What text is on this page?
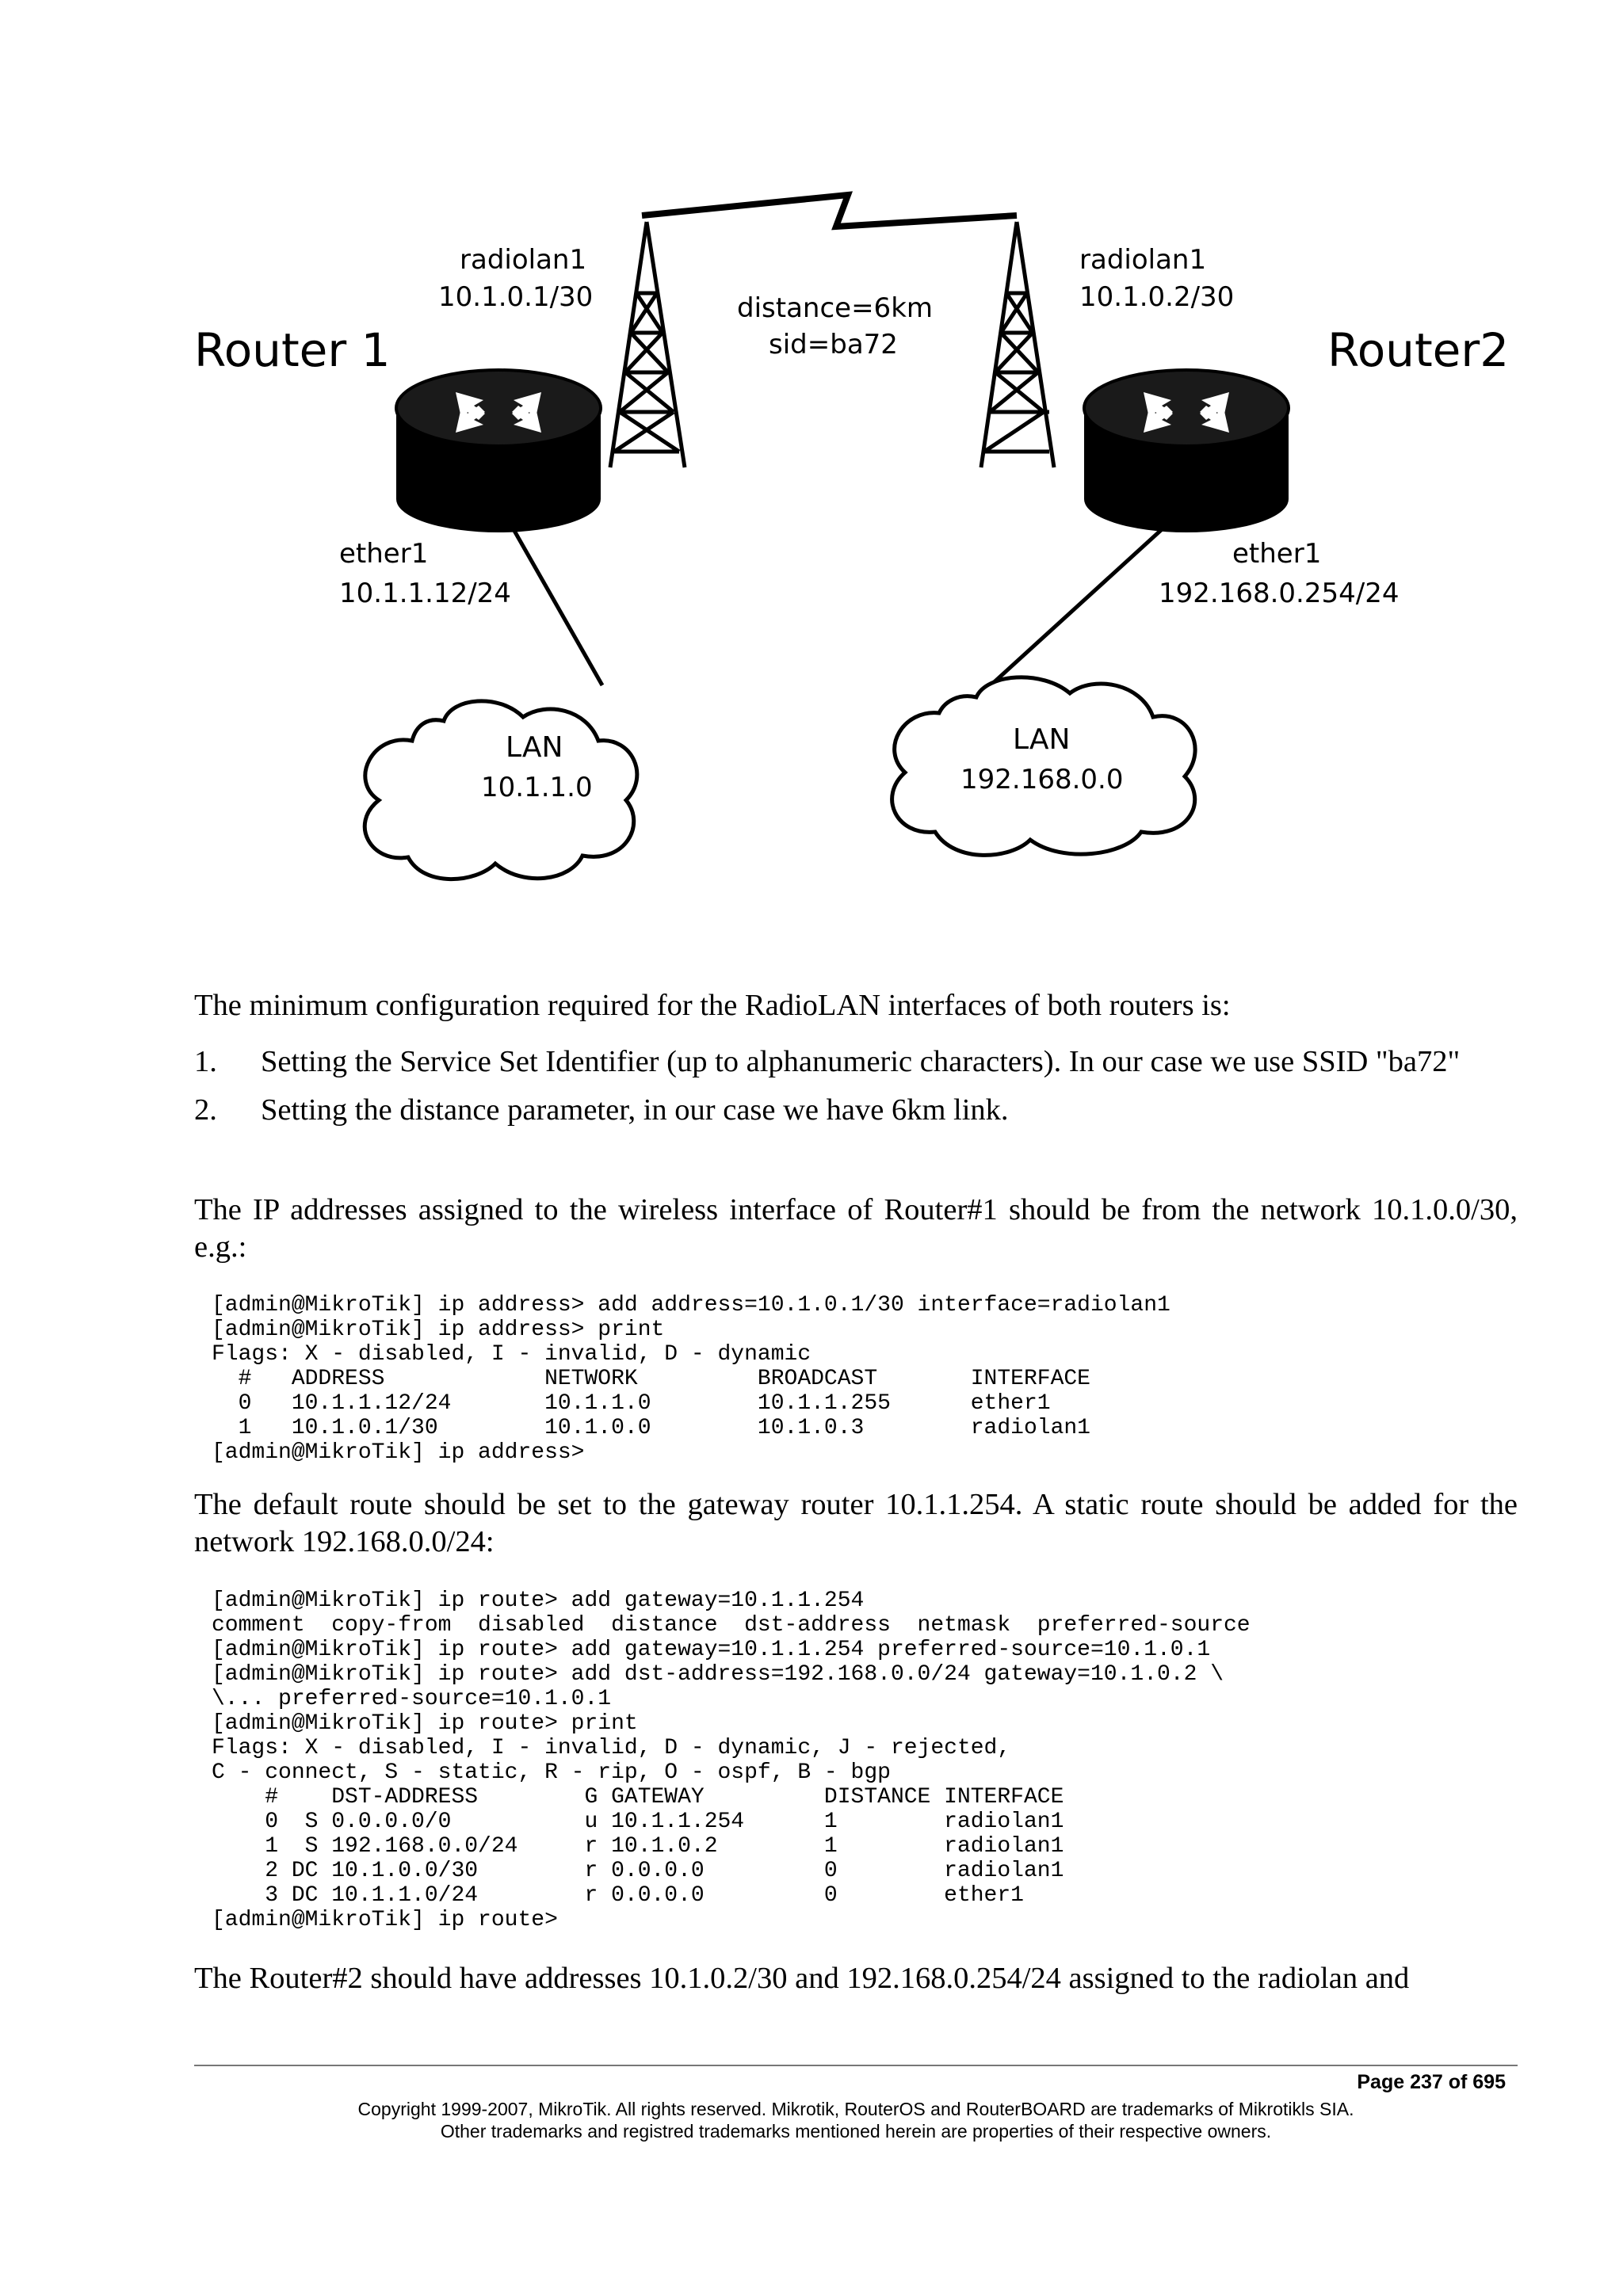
radiolan1
10.1.0.1/30
Router 1
distance=6km
sid=ba72
radiolan1
10.1.0.2/30
Router2
ether1
10.1.1.12/24
ether1
192.168.0.254/24
LAN
10.1.1.0
LAN
192.168.0.0

The minimum configuration required for the RadioLAN interfaces of both routers is:

1. Setting the Service Set Identifier (up to alphanumeric characters). In our case we use SSID "ba72"
2. Setting the distance parameter, in our case we have 6km link.

The IP addresses assigned to the wireless interface of Router#1 should be from the network 10.1.0.0/30, e.g.:

[admin@MikroTik] ip address> add address=10.1.0.1/30 interface=radiolan1
[admin@MikroTik] ip address> print
Flags: X - disabled, I - invalid, D - dynamic
#   ADDRESS            NETWORK         BROADCAST       INTERFACE
0   10.1.1.12/24       10.1.1.0        10.1.1.255      ether1
1   10.1.0.1/30        10.1.0.0        10.1.0.3        radiolan1
[admin@MikroTik] ip address>

The default route should be set to the gateway router 10.1.1.254. A static route should be added for the network 192.168.0.0/24:

[admin@MikroTik] ip route> add gateway=10.1.1.254
comment  copy-from  disabled  distance  dst-address  netmask  preferred-source
[admin@MikroTik] ip route> add gateway=10.1.1.254 preferred-source=10.1.0.1
[admin@MikroTik] ip route> add dst-address=192.168.0.0/24 gateway=10.1.0.2 \
\... preferred-source=10.1.0.1
[admin@MikroTik] ip route> print
Flags: X - disabled, I - invalid, D - dynamic, J - rejected,
C - connect, S - static, R - rip, O - ospf, B - bgp
#    DST-ADDRESS        G GATEWAY         DISTANCE INTERFACE
0  S 0.0.0.0/0          u 10.1.1.254      1        radiolan1
1  S 192.168.0.0/24     r 10.1.0.2        1        radiolan1
2 DC 10.1.0.0/30        r 0.0.0.0         0        radiolan1
3 DC 10.1.1.0/24        r 0.0.0.0         0        ether1
[admin@MikroTik] ip route>

The Router#2 should have addresses 10.1.0.2/30 and 192.168.0.254/24 assigned to the radiolan and

Page 237 of 695
Copyright 1999-2007, MikroTik. All rights reserved. Mikrotik, RouterOS and RouterBOARD are trademarks of Mikrotikls SIA.
Other trademarks and registred trademarks mentioned herein are properties of their respective owners.
